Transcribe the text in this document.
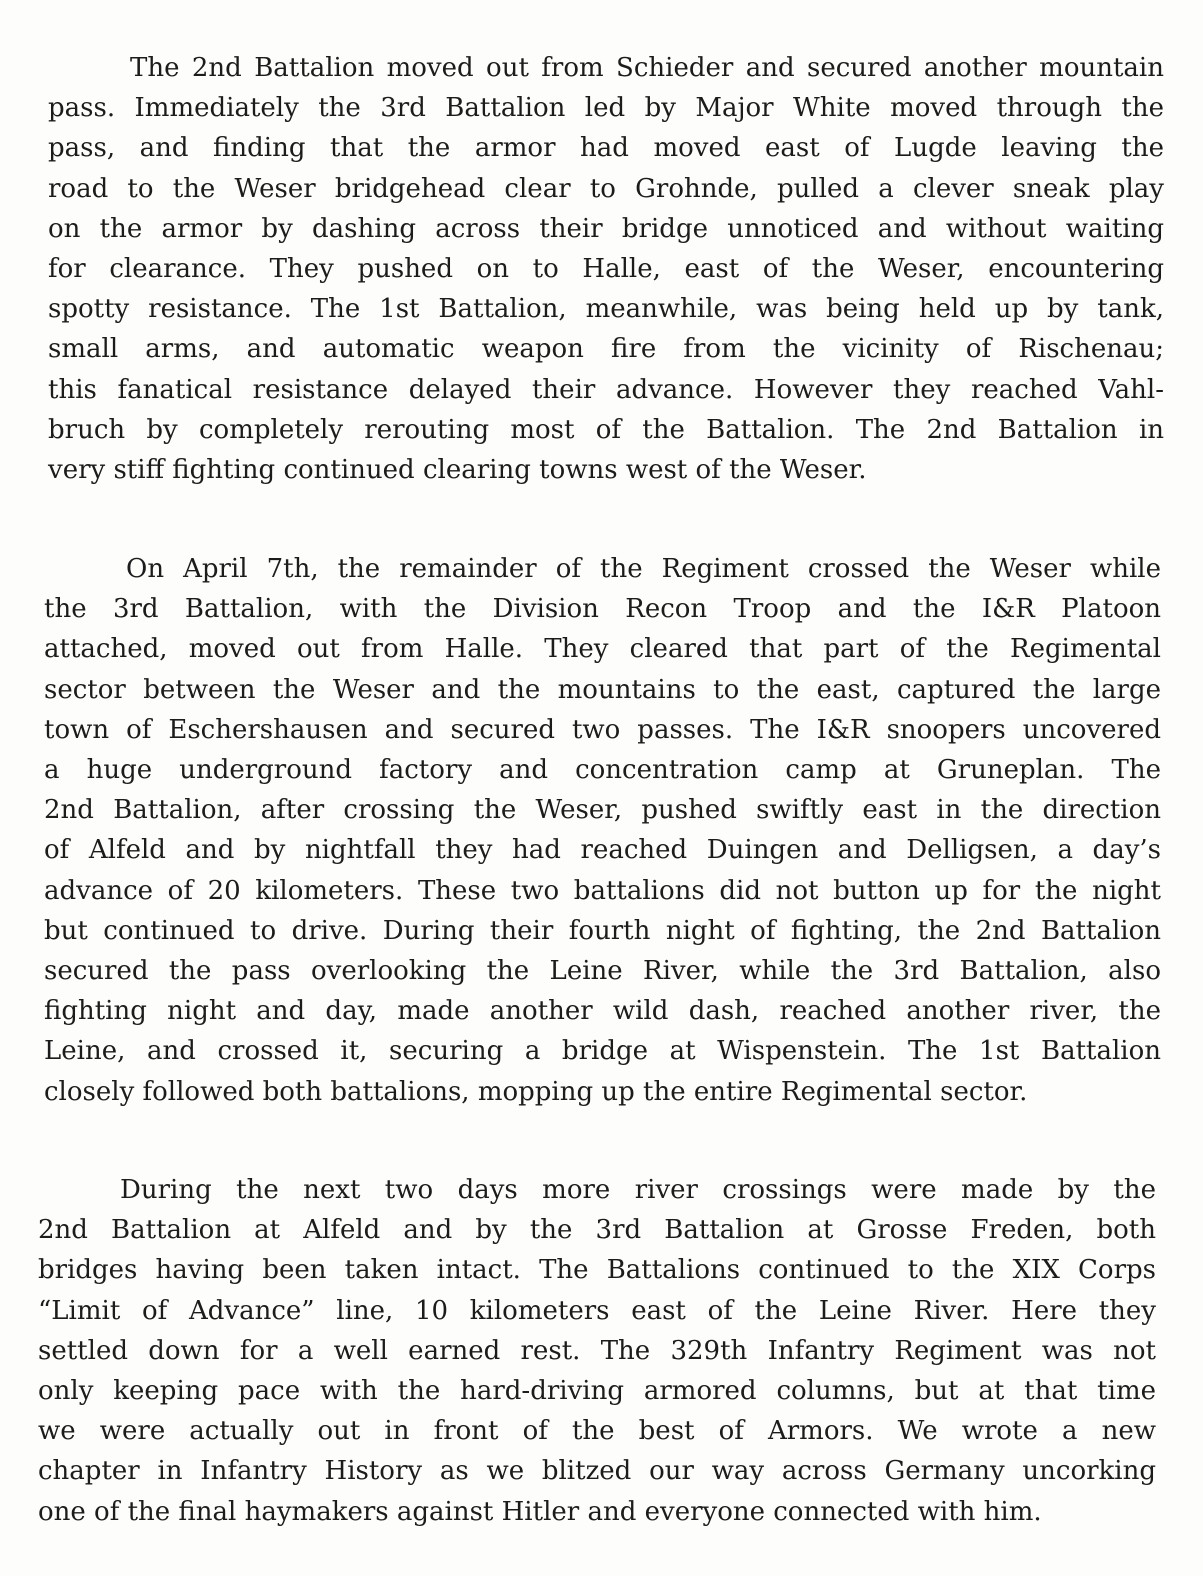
The 2nd Battalion moved out from Schieder and secured another mountain
pass. Immediately the 3rd Battalion led by Major White moved through the
pass, and finding that the armor had moved east of Lugde leaving the
road to the Weser bridgehead clear to Grohnde, pulled a clever sneak play
on the armor by dashing across their bridge unnoticed and without waiting
for clearance. They pushed on to Halle, east of the Weser, encountering
spotty resistance. The 1st Battalion, meanwhile, was being held up by tank,
small arms, and automatic weapon fire from the vicinity of Rischenau;
this fanatical resistance delayed their advance. However they reached Vahl-
bruch by completely rerouting most of the Battalion. The 2nd Battalion in
very stiff fighting continued clearing towns west of the Weser.
On April 7th, the remainder of the Regiment crossed the Weser while
the 3rd Battalion, with the Division Recon Troop and the I&R Platoon
attached, moved out from Halle. They cleared that part of the Regimental
sector between the Weser and the mountains to the east, captured the large
town of Eschershausen and secured two passes. The I&R snoopers uncovered
a huge underground factory and concentration camp at Gruneplan. The
2nd Battalion, after crossing the Weser, pushed swiftly east in the direction
of Alfeld and by nightfall they had reached Duingen and Delligsen, a day’s
advance of 20 kilometers. These two battalions did not button up for the night
but continued to drive. During their fourth night of fighting, the 2nd Battalion
secured the pass overlooking the Leine River, while the 3rd Battalion, also
fighting night and day, made another wild dash, reached another river, the
Leine, and crossed it, securing a bridge at Wispenstein. The 1st Battalion
closely followed both battalions, mopping up the entire Regimental sector.
During the next two days more river crossings were made by the
2nd Battalion at Alfeld and by the 3rd Battalion at Grosse Freden, both
bridges having been taken intact. The Battalions continued to the XIX Corps
“Limit of Advance” line, 10 kilometers east of the Leine River. Here they
settled down for a well earned rest. The 329th Infantry Regiment was not
only keeping pace with the hard-driving armored columns, but at that time
we were actually out in front of the best of Armors. We wrote a new
chapter in Infantry History as we blitzed our way across Germany uncorking
one of the final haymakers against Hitler and everyone connected with him.
